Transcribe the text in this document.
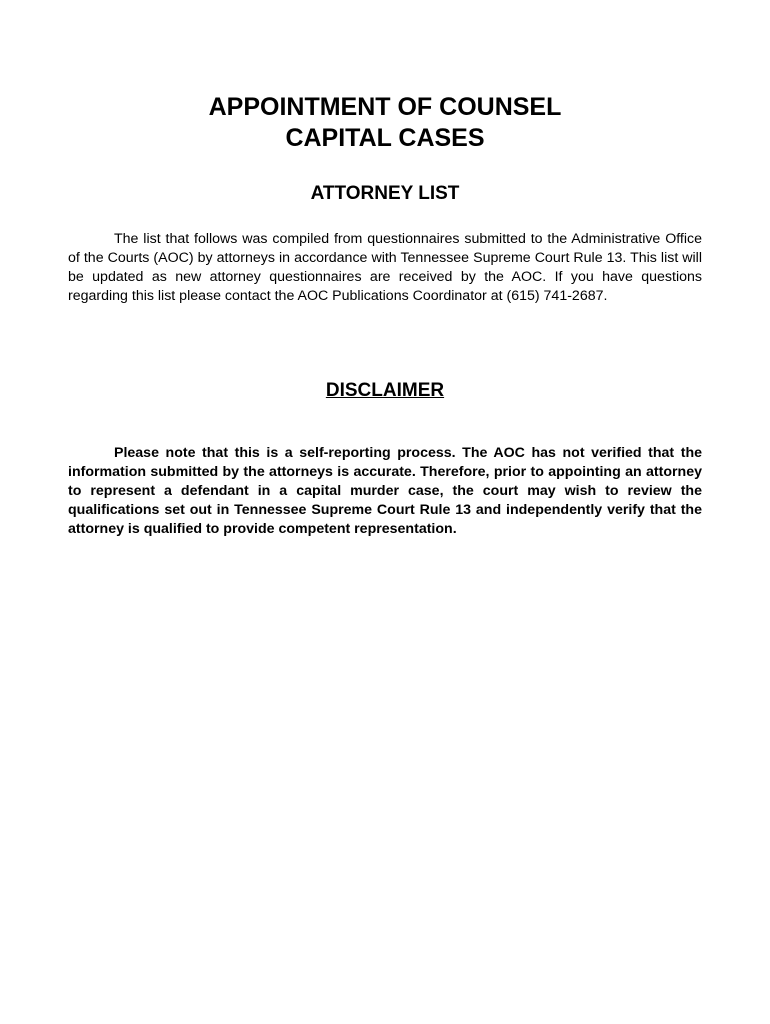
APPOINTMENT OF COUNSEL
CAPITAL CASES
ATTORNEY LIST

The list that follows was compiled from questionnaires submitted to the Administrative Office of the Courts (AOC) by attorneys in accordance with Tennessee Supreme Court Rule 13. This list will be updated as new attorney questionnaires are received by the AOC. If you have questions regarding this list please contact the AOC Publications Coordinator at (615) 741-2687.

DISCLAIMER

Please note that this is a self-reporting process. The AOC has not verified that the information submitted by the attorneys is accurate. Therefore, prior to appointing an attorney to represent a defendant in a capital murder case, the court may wish to review the qualifications set out in Tennessee Supreme Court Rule 13 and independently verify that the attorney is qualified to provide competent representation.
